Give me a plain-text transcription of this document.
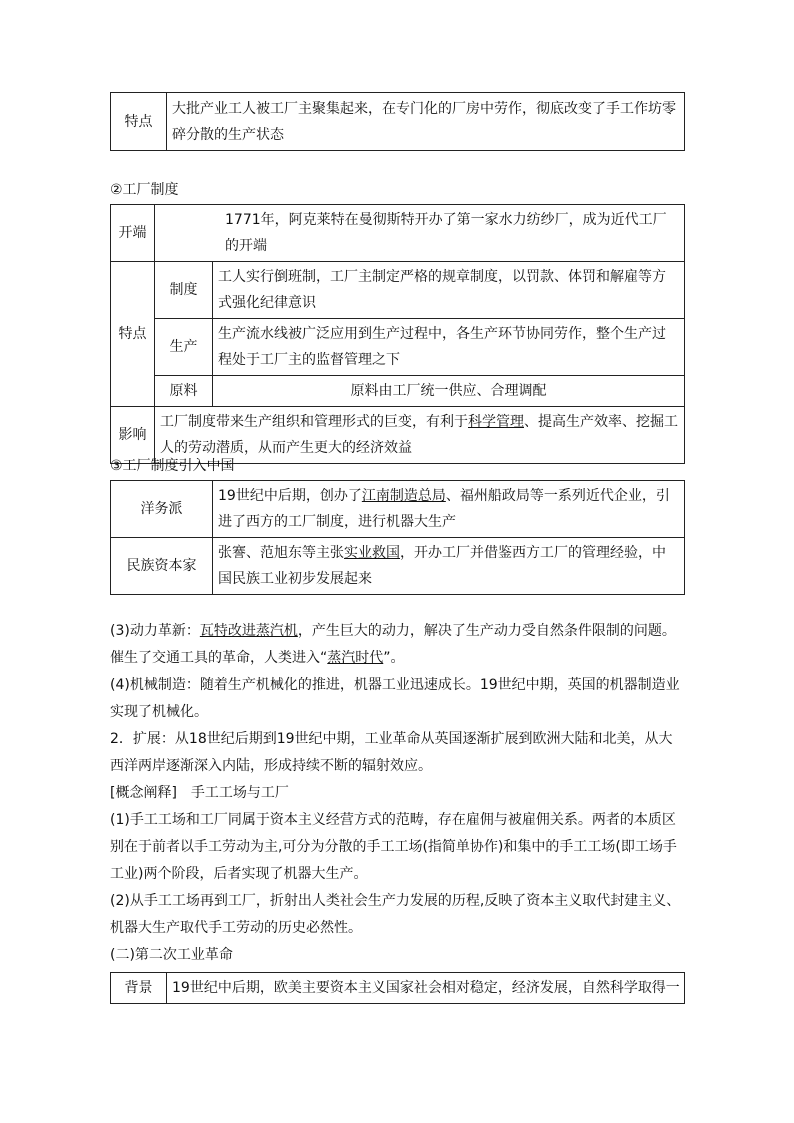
特点	大批产业工人被工厂主聚集起来，在专门化的厂房中劳作，彻底改变了手工作坊零碎分散的生产状态
②工厂制度
开端	1771年，阿克莱特在曼彻斯特开办了第一家水力纺纱厂，成为近代工厂的开端	
特点	制度	工人实行倒班制，工厂主制定严格的规章制度，以罚款、体罚和解雇等方式强化纪律意识
	生产	生产流水线被广泛应用到生产过程中，各生产环节协同劳作，整个生产过程处于工厂主的监督管理之下
	原料	原料由工厂统一供应、合理调配
影响	工厂制度带来生产组织和管理形式的巨变，有利于科学管理、提高生产效率、挖掘工人的劳动潜质，从而产生更大的经济效益	
③工厂制度引入中国
洋务派	19世纪中后期，创办了江南制造总局、福州船政局等一系列近代企业，引进了西方的工厂制度，进行机器大生产
民族资本家	张謇、范旭东等主张实业救国，开办工厂并借鉴西方工厂的管理经验，中国民族工业初步发展起来

(3)动力革新：瓦特改进蒸汽机，产生巨大的动力，解决了生产动力受自然条件限制的问题。催生了交通工具的革命，人类进入“蒸汽时代”。

(4)机械制造：随着生产机械化的推进，机器工业迅速成长。19世纪中期，英国的机器制造业实现了机械化。

2．扩展：从18世纪后期到19世纪中期，工业革命从英国逐渐扩展到欧洲大陆和北美，从大西洋两岸逐渐深入内陆，形成持续不断的辐射效应。

[概念阐释]　手工工场与工厂

(1)手工工场和工厂同属于资本主义经营方式的范畴，存在雇佣与被雇佣关系。两者的本质区别在于前者以手工劳动为主,可分为分散的手工工场(指简单协作)和集中的手工工场(即工场手工业)两个阶段，后者实现了机器大生产。

(2)从手工工场再到工厂，折射出人类社会生产力发展的历程,反映了资本主义取代封建主义、机器大生产取代手工劳动的历史必然性。

(二)第二次工业革命

背景	19世纪中后期，欧美主要资本主义国家社会相对稳定，经济发展，自然科学取得一
